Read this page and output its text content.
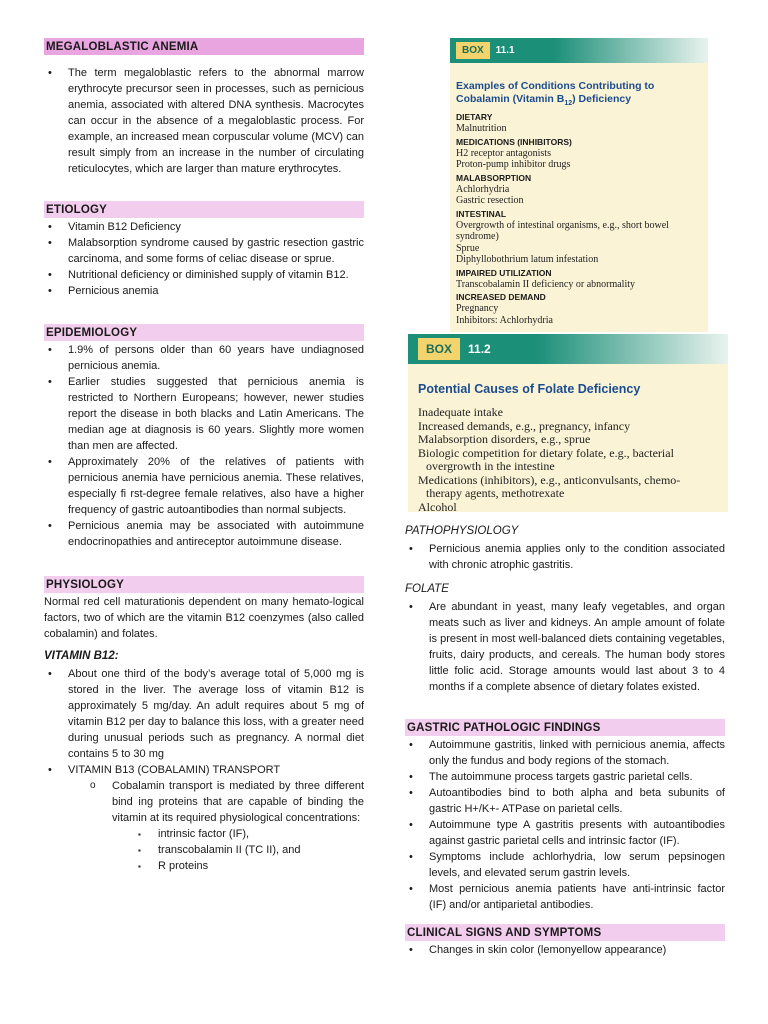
MEGALOBLASTIC ANEMIA
• The term megaloblastic refers to the abnormal marrow erythrocyte precursor seen in processes, such as pernicious anemia, associated with altered DNA synthesis. Macrocytes can occur in the absence of a megaloblastic process. For example, an increased mean corpuscular volume (MCV) can result simply from an increase in the number of circulating reticulocytes, which are larger than mature erythrocytes.
ETIOLOGY
• Vitamin B12 Deficiency
• Malabsorption syndrome caused by gastric resection gastric carcinoma, and some forms of celiac disease or sprue.
• Nutritional deficiency or diminished supply of vitamin B12.
• Pernicious anemia
EPIDEMIOLOGY
• 1.9% of persons older than 60 years have undiagnosed pernicious anemia.
• Earlier studies suggested that pernicious anemia is restricted to Northern Europeans; however, newer studies report the disease in both blacks and Latin Americans. The median age at diagnosis is 60 years. Slightly more women than men are affected.
• Approximately 20% of the relatives of patients with pernicious anemia have pernicious anemia. These relatives, especially fi rst-degree female relatives, also have a higher frequency of gastric autoantibodies than normal subjects.
• Pernicious anemia may be associated with autoimmune endocrinopathies and antireceptor autoimmune disease.
PHYSIOLOGY

Normal red cell maturationis dependent on many hemato-logical factors, two of which are the vitamin B12 coenzymes (also called cobalamin) and folates.

VITAMIN B12:
• About one third of the body’s average total of 5,000 mg is stored in the liver. The average loss of vitamin B12 is approximately 5 mg/day. An adult requires about 5 mg of vitamin B12 per day to balance this loss, with a greater need during unusual periods such as pregnancy. A normal diet contains 5 to 30 mg
• VITAMIN B13 (COBALAMIN) TRANSPORT
o Cobalamin transport is mediated by three different bind ing proteins that are capable of binding the vitamin at its required physiological concentrations:
▪ intrinsic factor (IF),
▪ transcobalamin II (TC II), and
▪ R proteins
BOX	11.1
Examples of Conditions Contributing to Cobalamin (Vitamin $B_{12}$) Deficiency
DIETARY
Malnutrition
MEDICATIONS (INHIBITORS)
H2 receptor antagonists
Proton-pump inhibitor drugs
MALABSORPTION
Achlorhydria
Gastric resection
INTESTINAL
Overgrowth of intestinal organisms, e.g., short bowel syndrome)
Sprue
Diphyllobothrium latum infestation
IMPAIRED UTILIZATION
Transcobalamin II deficiency or abnormality
INCREASED DEMAND
Pregnancy
Inhibitors: Achlorhydria
BOX	11.2
Potential Causes of Folate Deficiency
Inadequate intake
Increased demands, e.g., pregnancy, infancy
Malabsorption disorders, e.g., sprue
Biologic competition for dietary folate, e.g., bacterial
overgrowth in the intestine
Medications (inhibitors), e.g., anticonvulsants, chemo-
therapy agents, methotrexate
Alcohol
PATHOPHYSIOLOGY
• Pernicious anemia applies only to the condition associated with chronic atrophic gastritis.
FOLATE
• Are abundant in yeast, many leafy vegetables, and organ meats such as liver and kidneys. An ample amount of folate is present in most well-balanced diets containing vegetables, fruits, dairy products, and cereals. The human body stores little folic acid. Storage amounts would last about 3 to 4 months if a complete absence of dietary folates existed.
GASTRIC PATHOLOGIC FINDINGS
• Autoimmune gastritis, linked with pernicious anemia, affects only the fundus and body regions of the stomach.
• The autoimmune process targets gastric parietal cells.
• Autoantibodies bind to both alpha and beta subunits of gastric H+/K+- ATPase on parietal cells.
• Autoimmune type A gastritis presents with autoantibodies against gastric parietal cells and intrinsic factor (IF).
• Symptoms include achlorhydria, low serum pepsinogen levels, and elevated serum gastrin levels.
• Most pernicious anemia patients have anti-intrinsic factor (IF) and/or antiparietal antibodies.
CLINICAL SIGNS AND SYMPTOMS
• Changes in skin color (lemonyellow appearance)
